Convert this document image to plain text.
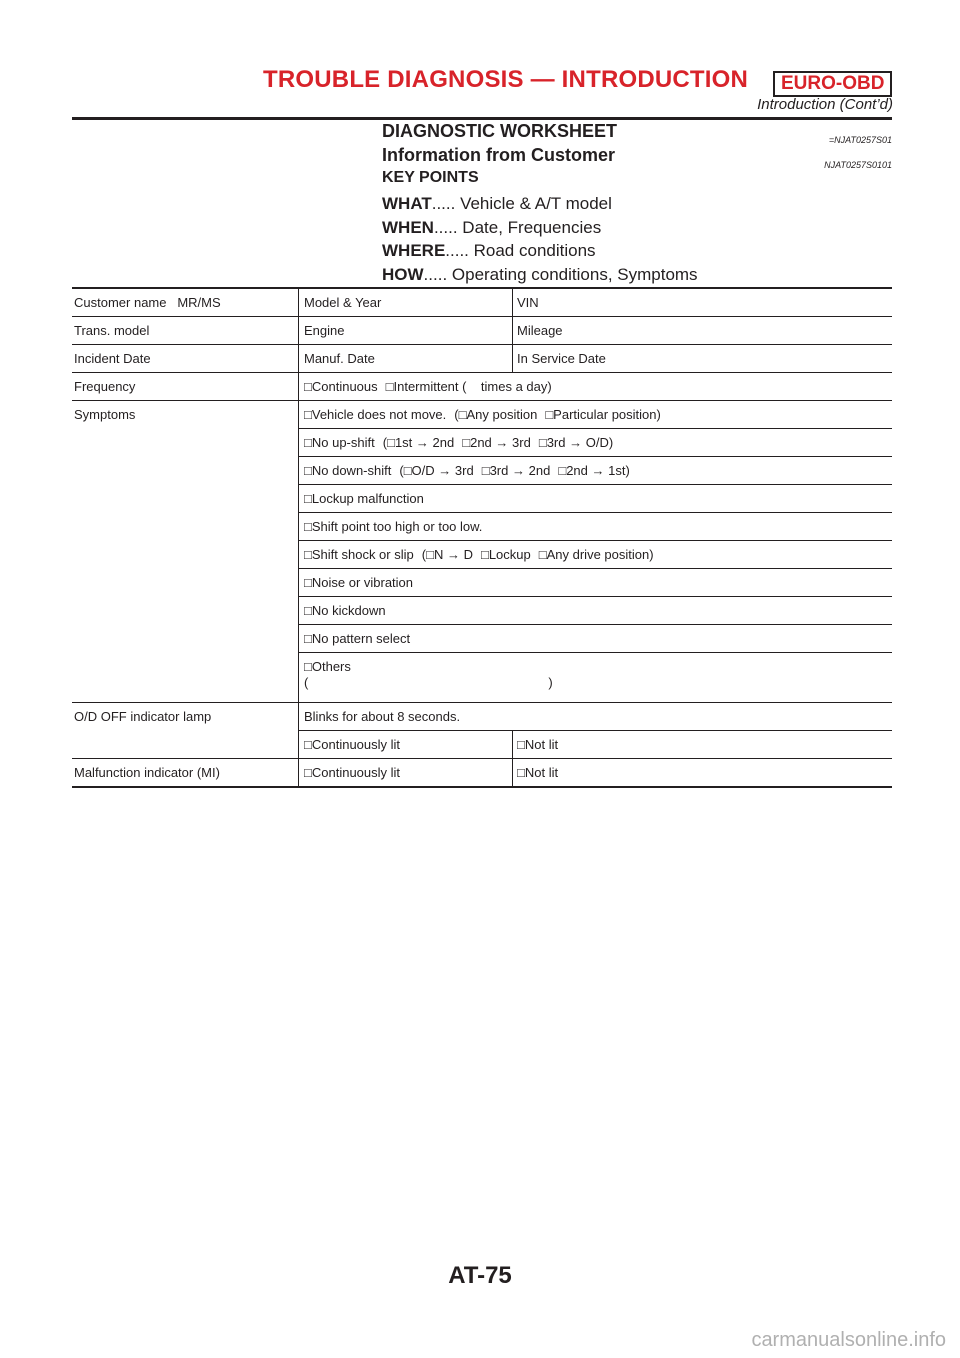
TROUBLE DIAGNOSIS — INTRODUCTION	EURO-OBD
Introduction (Cont’d)
DIAGNOSTIC WORKSHEET	=NJAT0257S01
Information from Customer	NJAT0257S0101
KEY POINTS
WHAT..... Vehicle & A/T model
WHEN..... Date, Frequencies
WHERE..... Road conditions
HOW..... Operating conditions, Symptoms
Customer name   MR/MS	Model & Year	VIN
Trans. model	Engine	Mileage
Incident Date	Manuf. Date	In Service Date
Frequency	□Continuous □Intermittent (    times a day)	
Symptoms	□Vehicle does not move. (□Any position □Particular position)	
	□No up-shift (□1st → 2nd □2nd → 3rd □3rd → O/D)	
	□No down-shift (□O/D → 3rd □3rd → 2nd □2nd → 1st)	
	□Lockup malfunction	
	□Shift point too high or too low.	
	□Shift shock or slip (□N → D □Lockup □Any drive position)	
	□Noise or vibration	
	□No kickdown	
	□No pattern select	
	□Others
( )	
O/D OFF indicator lamp	Blinks for about 8 seconds.	
	□Continuously lit	□Not lit
Malfunction indicator (MI)	□Continuously lit	□Not lit
AT-75
carmanualsonline.info
